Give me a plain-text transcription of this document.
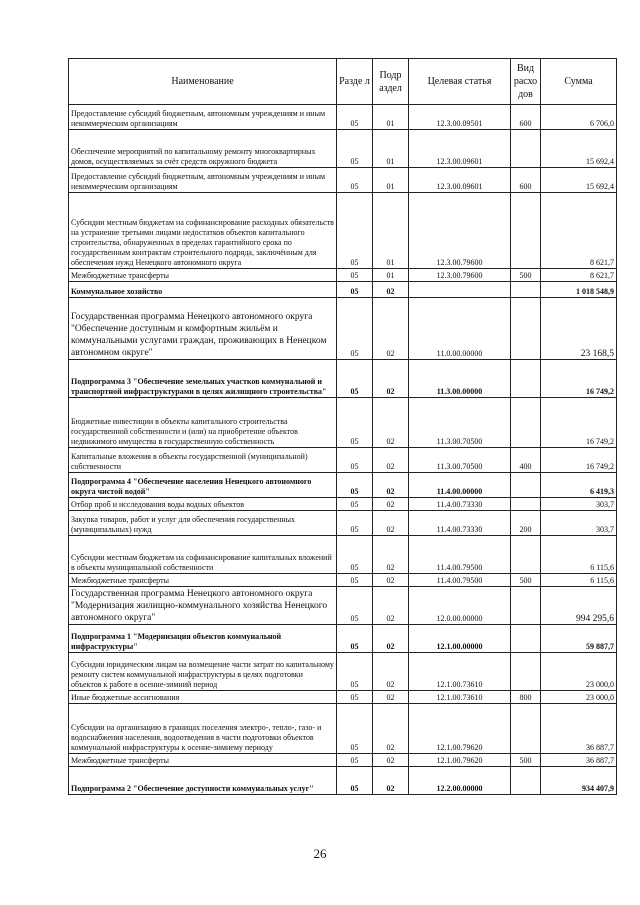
Наименование	Разде л	Подр аздел	Целевая статья	Вид расхо дов	Сумма
Предоставление субсидий бюджетным, автономным учреждениям и иным некоммерческим организациям	05	01	12.3.00.09501	600	6 706,0
Обеспечение мероприятий по капитальному ремонту многоквартирных домов, осуществляемых за счёт средств окружного бюджета	05	01	12.3.00.09601		15 692,4
Предоставление субсидий бюджетным, автономным учреждениям и иным некоммерческим организациям	05	01	12.3.00.09601	600	15 692,4
Субсидии местным бюджетам на софинансирование расходных обязательств на устранение третьими лицами недостатков объектов капитального строительства, обнаруженных в пределах гарантийного срока по государственным контрактам строительного подряда, заключённым для обеспечения нужд Ненецкого автономного округа	05	01	12.3.00.79600		8 621,7
Межбюджетные трансферты	05	01	12.3.00.79600	500	8 621,7
Коммунальное хозяйство	05	02			1 018 548,9
Государственная программа Ненецкого автономного округа "Обеспечение доступным и комфортным жильём и коммунальными услугами граждан, проживающих в Ненецком автономном округе"	05	02	11.0.00.00000		23 168,5
Подпрограмма 3 "Обеспечение земельных участков коммунальной и транспортной инфраструктурами в целях жилищного строительства"	05	02	11.3.00.00000		16 749,2
Бюджетные инвестиции в объекты капитального строительства государственной собственности и (или) на приобретение объектов недвижимого имущества в государственную собственность	05	02	11.3.00.70500		16 749,2
Капитальные вложения в объекты государственной (муниципальной) собственности	05	02	11.3.00.70500	400	16 749,2
Подпрограмма 4 "Обеспечение населения Ненецкого автономного округа чистой водой"	05	02	11.4.00.00000		6 419,3
Отбор проб и исследования воды водных объектов	05	02	11.4.00.73330		303,7
Закупка товаров, работ и услуг для обеспечения государственных (муниципальных) нужд	05	02	11.4.00.73330	200	303,7
Субсидии местным бюджетам на софинансирование капитальных вложений в объекты муниципальной собственности	05	02	11.4.00.79500		6 115,6
Межбюджетные трансферты	05	02	11.4.00.79500	500	6 115,6
Государственная программа Ненецкого автономного округа "Модернизация жилищно-коммунального хозяйства Ненецкого автономного округа"	05	02	12.0.00.00000		994 295,6
Подпрограмма 1 "Модернизация объектов коммунальной инфраструктуры"	05	02	12.1.00.00000		59 887,7
Субсидии юридическим лицам на возмещение части затрат по капитальному ремонту систем коммунальной инфраструктуры в целях подготовки объектов к работе в осенне-зимний период	05	02	12.1.00.73610		23 000,0
Иные бюджетные ассигнования	05	02	12.1.00.73610	800	23 000,0
Субсидии на организацию в границах поселения электро-, тепло-, газо- и водоснабжения населения, водоотведения в части подготовки объектов коммунальной инфраструктуры к осенне-зимнему периоду	05	02	12.1.00.79620		36 887,7
Межбюджетные трансферты	05	02	12.1.00.79620	500	36 887,7
Подпрограмма 2 "Обеспечение доступности коммунальных услуг"	05	02	12.2.00.00000		934 407,9
26
